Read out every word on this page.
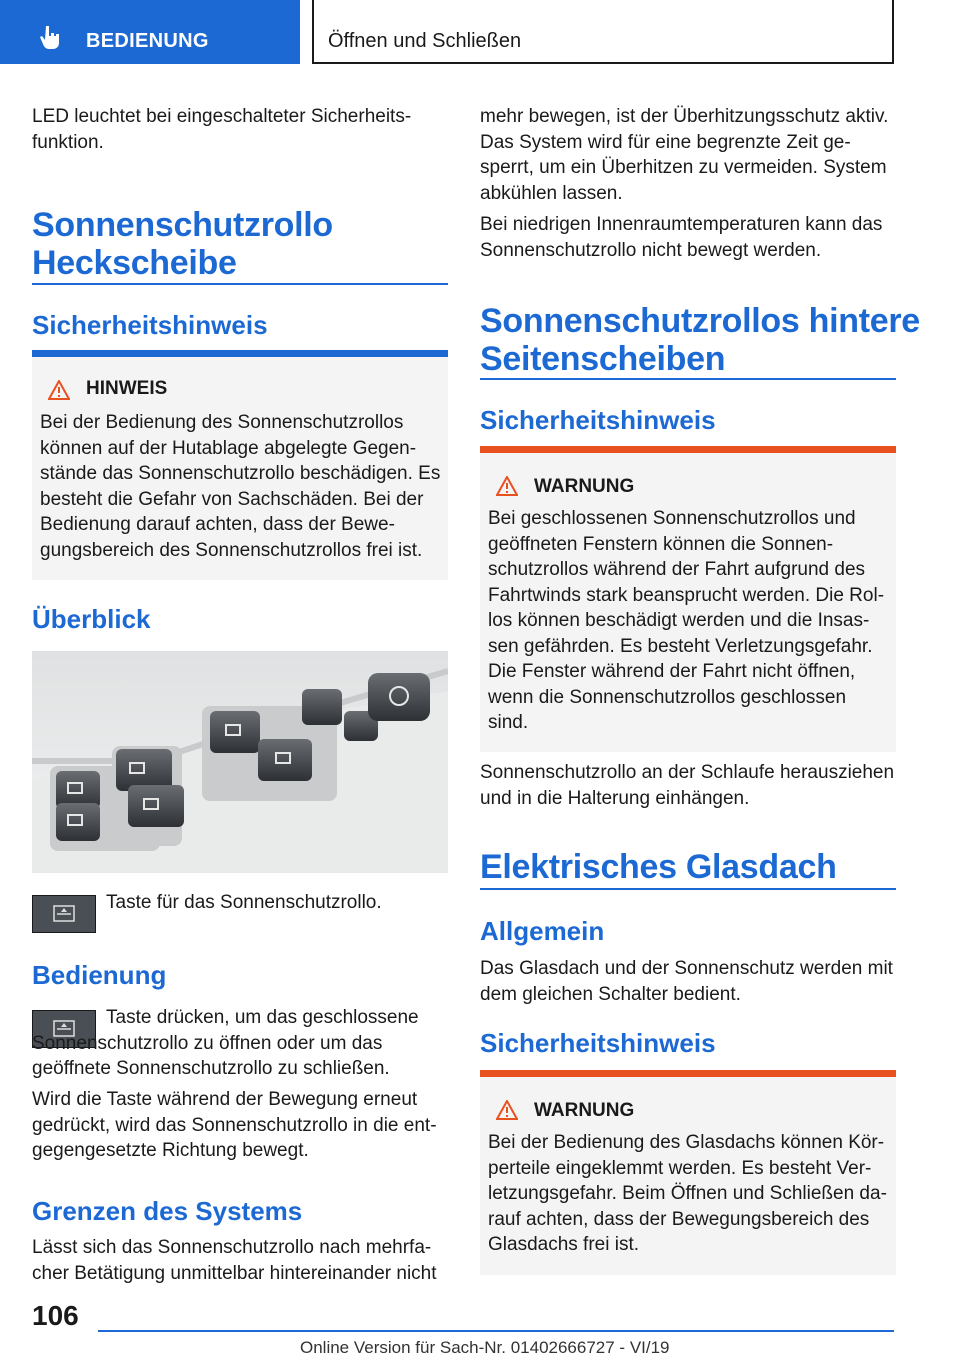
BEDIENUNG	Öffnen und Schließen

LED leuchtet bei eingeschalteter Sicherheitsfunktion.

Sonnenschutzrollo
Heckscheibe
Sicherheitshinweis
HINWEIS

Bei der Bedienung des Sonnenschutzrollos können auf der Hutablage abgelegte Gegenstände das Sonnenschutzrollo beschädigen. Es besteht die Gefahr von Sachschäden. Bei der Bedienung darauf achten, dass der Bewegungsbereich des Sonnenschutzrollos frei ist.

Überblick

Taste für das Sonnenschutzrollo.

Bedienung

Taste drücken, um das geschlossene Sonnenschutzrollo zu öffnen oder um das geöffnete Sonnenschutzrollo zu schließen.

Wird die Taste während der Bewegung erneut gedrückt, wird das Sonnenschutzrollo in die entgegengesetzte Richtung bewegt.

Grenzen des Systems

Lässt sich das Sonnenschutzrollo nach mehrfacher Betätigung unmittelbar hintereinander nicht

mehr bewegen, ist der Überhitzungsschutz aktiv. Das System wird für eine begrenzte Zeit gesperrt, um ein Überhitzen zu vermeiden. System abkühlen lassen.

Bei niedrigen Innenraumtemperaturen kann das Sonnenschutzrollo nicht bewegt werden.

Sonnenschutzrollos hintere
Seitenscheiben
Sicherheitshinweis
WARNUNG

Bei geschlossenen Sonnenschutzrollos und geöffneten Fenstern können die Sonnenschutzrollos während der Fahrt aufgrund des Fahrtwinds stark beansprucht werden. Die Rollos können beschädigt werden und die Insassen gefährden. Es besteht Verletzungsgefahr. Die Fenster während der Fahrt nicht öffnen, wenn die Sonnenschutzrollos geschlossen sind.

Sonnenschutzrollo an der Schlaufe herausziehen und in die Halterung einhängen.

Elektrisches Glasdach
Allgemein

Das Glasdach und der Sonnenschutz werden mit dem gleichen Schalter bedient.

Sicherheitshinweis
WARNUNG

Bei der Bedienung des Glasdachs können Körperteile eingeklemmt werden. Es besteht Verletzungsgefahr. Beim Öffnen und Schließen darauf achten, dass der Bewegungsbereich des Glasdachs frei ist.

106
Online Version für Sach-Nr. 01402666727 - VI/19
